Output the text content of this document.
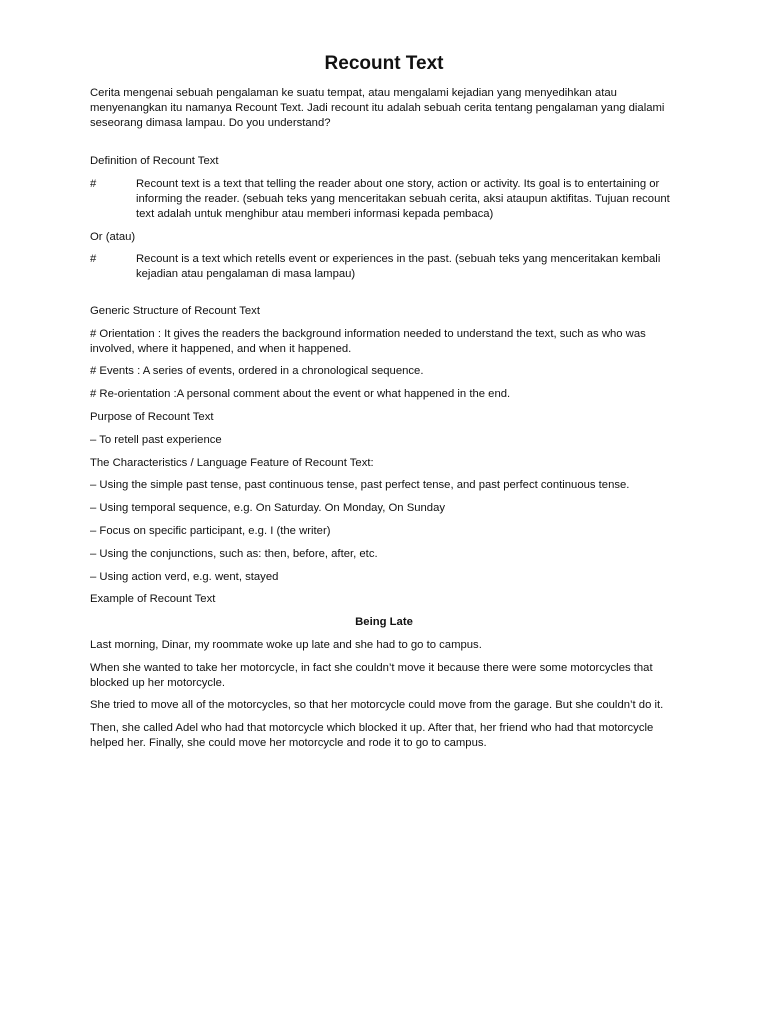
Recount Text

Cerita mengenai sebuah pengalaman ke suatu tempat, atau mengalami kejadian yang menyedihkan atau menyenangkan itu namanya Recount Text. Jadi recount itu adalah sebuah cerita tentang pengalaman yang dialami seseorang dimasa lampau. Do you understand?

Definition of Recount Text

#	Recount text is a text that telling the reader about one story, action or activity. Its goal is to entertaining or informing the reader. (sebuah teks yang menceritakan sebuah cerita, aksi ataupun aktifitas. Tujuan recount text adalah untuk menghibur atau memberi informasi kepada pembaca)

Or (atau)

#	Recount is a text which retells event or experiences in the past. (sebuah teks yang menceritakan kembali kejadian atau pengalaman di masa lampau)

Generic Structure of Recount Text

# Orientation : It gives the readers the background information needed to understand the text, such as who was involved, where it happened, and when it happened.

# Events : A series of events, ordered in a chronological sequence.

# Re-orientation :A personal comment about the event or what happened in the end.

Purpose of Recount Text

– To retell past experience

The Characteristics / Language Feature of Recount Text:

– Using the simple past tense, past continuous tense, past perfect tense, and past perfect continuous tense.

– Using temporal sequence, e.g. On Saturday. On Monday, On Sunday

– Focus on specific participant, e.g. I (the writer)

– Using the conjunctions, such as: then, before, after, etc.

– Using action verd, e.g. went, stayed

Example of Recount Text

Being Late

Last morning, Dinar, my roommate woke up late and she had to go to campus.

When she wanted to take her motorcycle, in fact she couldn’t move it because there were some motorcycles that blocked up her motorcycle.

She tried to move all of the motorcycles, so that her motorcycle could move from the garage. But she couldn’t do it.

Then, she called Adel who had that motorcycle which blocked it up. After that, her friend who had that motorcycle helped her. Finally, she could move her motorcycle and rode it to go to campus.
